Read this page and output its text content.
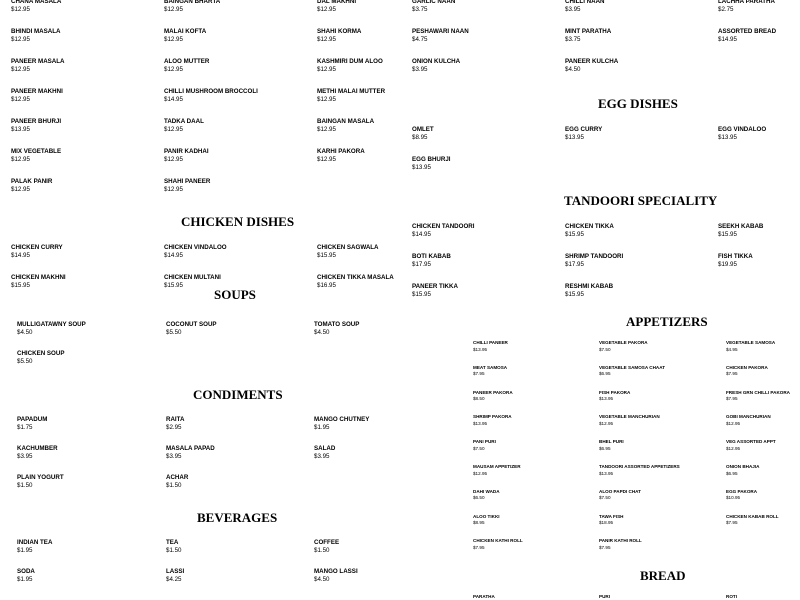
CHANA MASALA
$12.95
BAINGAN BHARTA
$12.95
DAL MAKHNI
$12.95
BHINDI MASALA
$12.95
MALAI KOFTA
$12.95
SHAHI KORMA
$12.95
PANEER MASALA
$12.95
ALOO MUTTER
$12.95
KASHMIRI DUM ALOO
$12.95
PANEER MAKHNI
$12.95
CHILLI MUSHROOM BROCCOLI
$14.95
METHI MALAI MUTTER
$12.95
PANEER BHURJI
$13.95
TADKA DAAL
$12.95
BAINGAN MASALA
$12.95
MIX VEGETABLE
$12.95
PANIR KADHAI
$12.95
KARHI PAKORA
$12.95
PALAK PANIR
$12.95
SHAHI PANEER
$12.95
GARLIC NAAN
$3.75
CHILLI NAAN
$3.95
LACHHA PARATHA
$2.75
PESHAWARI NAAN
$4.75
MINT PARATHA
$3.75
ASSORTED BREAD
$14.95
ONION KULCHA
$3.95
PANEER KULCHA
$4.50
EGG DISHES
OMLET
$8.95
EGG CURRY
$13.95
EGG VINDALOO
$13.95
EGG BHURJI
$13.95
CHICKEN DISHES
CHICKEN CURRY
$14.95
CHICKEN VINDALOO
$14.95
CHICKEN SAGWALA
$15.95
CHICKEN MAKHNI
$15.95
CHICKEN MULTANI
$15.95
CHICKEN TIKKA MASALA
$16.95
TANDOORI SPECIALITY
CHICKEN TANDOORI
$14.95
CHICKEN TIKKA
$15.95
SEEKH KABAB
$15.95
BOTI KABAB
$17.95
SHRIMP TANDOORI
$17.95
FISH TIKKA
$19.95
PANEER TIKKA
$15.95
RESHMI KABAB
$15.95
SOUPS
MULLIGATAWNY SOUP
$4.50
COCONUT SOUP
$5.50
TOMATO SOUP
$4.50
CHICKEN SOUP
$5.50
CONDIMENTS
PAPADUM
$1.75
RAITA
$2.95
MANGO CHUTNEY
$1.95
KACHUMBER
$3.95
MASALA PAPAD
$3.95
SALAD
$3.95
PLAIN YOGURT
$1.50
ACHAR
$1.50
BEVERAGES
INDIAN TEA
$1.95
TEA
$1.50
COFFEE
$1.50
SODA
$1.95
LASSI
$4.25
MANGO LASSI
$4.50
APPETIZERS
CHILLI PANEER
$13.95
VEGETABLE PAKORA
$7.50
VEGETABLE SAMOSA
$4.95
MEAT SAMOSA
$7.95
VEGETABLE SAMOSA CHAAT
$6.95
CHICKEN PAKORA
$7.95
PANEER PAKORA
$8.50
FISH PAKORA
$13.95
FRESH GRN CHILLI PAKORA
$7.95
SHRIMP PAKORA
$13.95
VEGETABLE MANCHURIAN
$12.95
GOBI MANCHURIAN
$12.95
PANI PURI
$7.50
BHEL PURI
$6.95
VEG ASSORTED APPT
$12.95
MAUSAM APPETIZER
$12.95
TANDOORI ASSORTED APPETIZERS
$13.95
ONION BHAJIA
$6.95
DAHI WADA
$6.50
ALOO PAPDI CHAT
$7.50
EGG PAKORA
$10.95
ALOO TIKKI
$8.95
TAWA FISH
$18.95
CHICKEN KABAB ROLL
$7.95
CHICKEN KATHI ROLL
$7.95
PANIR KATHI ROLL
$7.95
BREAD
PARATHA	PURI	ROTI
